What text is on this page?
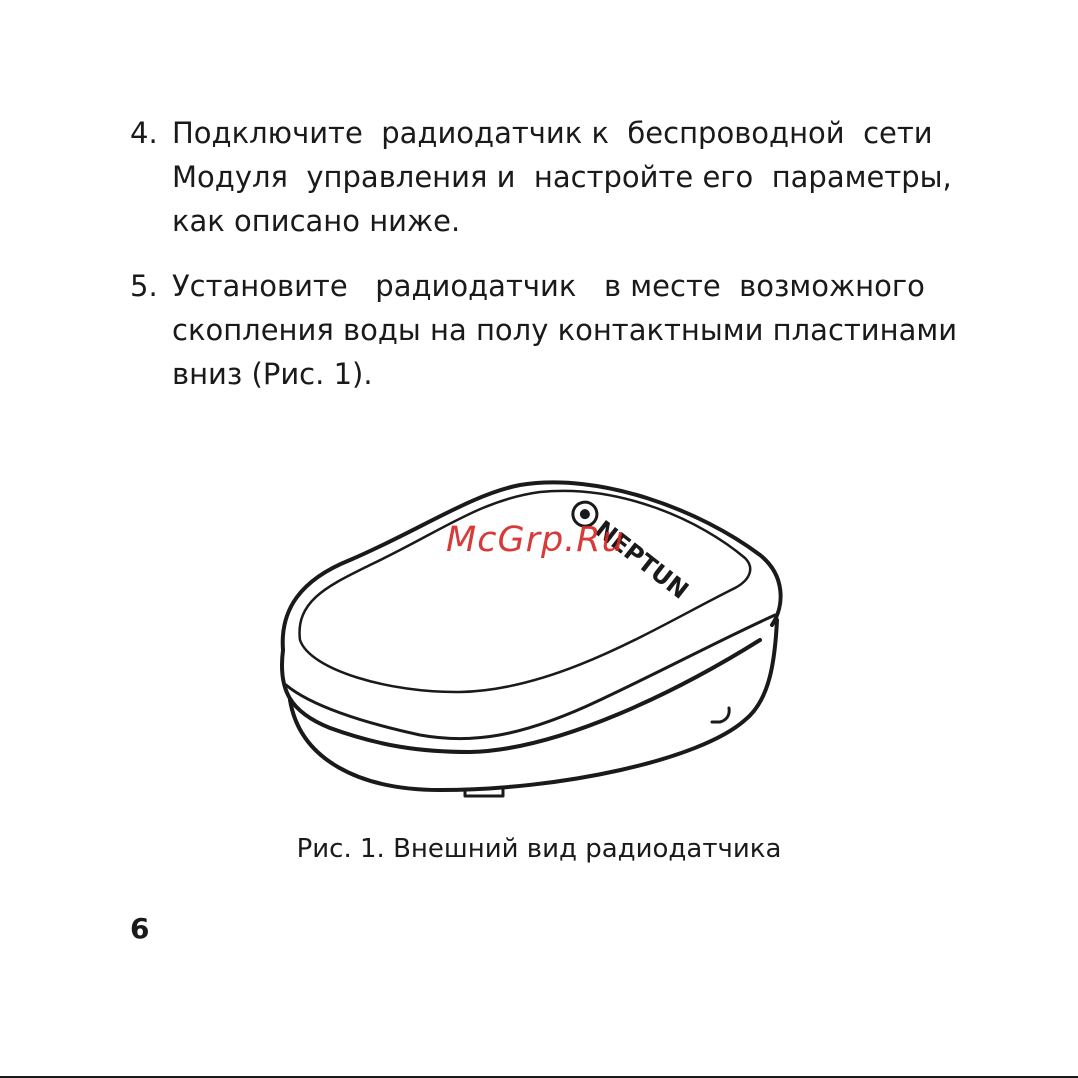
4. Подключите  радиодатчик к  беспроводной  сети
Модуля  управления и  настройте его  параметры,
как описано ниже.
5. Установите   радиодатчик   в месте  возможного
скопления воды на полу контактными пластинами
вниз (Рис. 1).
NEPTUN
McGrp.Ru
Рис. 1. Внешний вид радиодатчика
6
